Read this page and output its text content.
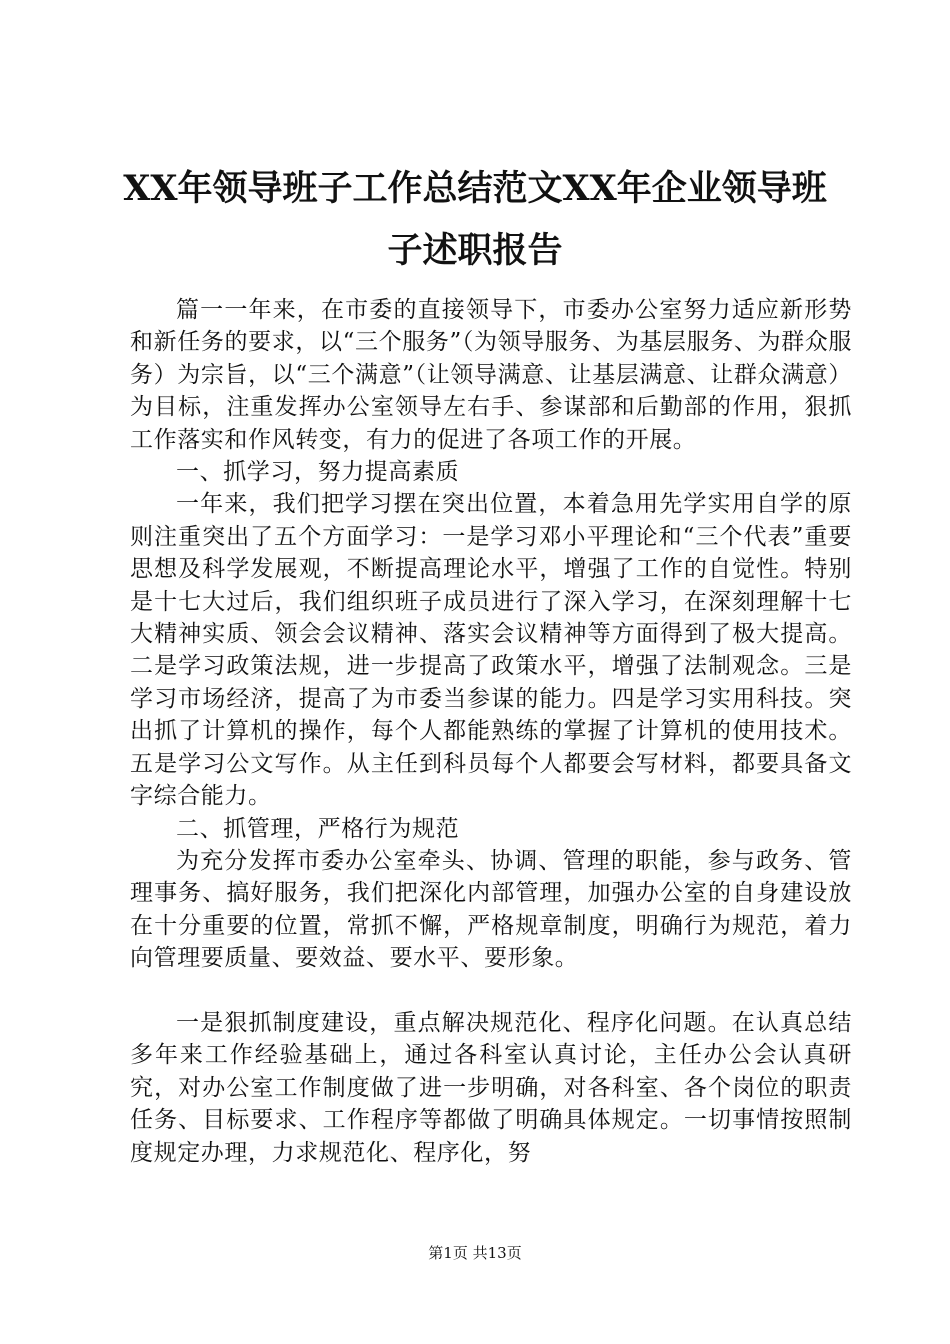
XX年领导班子工作总结范文XX年企业领导班子述职报告

篇一一年来，在市委的直接领导下，市委办公室努力适应新形势和新任务的要求，以“三个服务”（为领导服务、为基层服务、为群众服务）为宗旨，以“三个满意”（让领导满意、让基层满意、让群众满意）为目标，注重发挥办公室领导左右手、参谋部和后勤部的作用，狠抓工作落实和作风转变，有力的促进了各项工作的开展。

一、抓学习，努力提高素质

一年来，我们把学习摆在突出位置，本着急用先学实用自学的原则注重突出了五个方面学习：一是学习邓小平理论和“三个代表”重要思想及科学发展观，不断提高理论水平，增强了工作的自觉性。特别是十七大过后，我们组织班子成员进行了深入学习，在深刻理解十七大精神实质、领会会议精神、落实会议精神等方面得到了极大提高。二是学习政策法规，进一步提高了政策水平，增强了法制观念。三是学习市场经济，提高了为市委当参谋的能力。四是学习实用科技。突出抓了计算机的操作，每个人都能熟练的掌握了计算机的使用技术。五是学习公文写作。从主任到科员每个人都要会写材料，都要具备文字综合能力。

二、抓管理，严格行为规范

为充分发挥市委办公室牵头、协调、管理的职能，参与政务、管理事务、搞好服务，我们把深化内部管理，加强办公室的自身建设放在十分重要的位置，常抓不懈，严格规章制度，明确行为规范，着力向管理要质量、要效益、要水平、要形象。

一是狠抓制度建设，重点解决规范化、程序化问题。在认真总结多年来工作经验基础上，通过各科室认真讨论，主任办公会认真研究，对办公室工作制度做了进一步明确，对各科室、各个岗位的职责任务、目标要求、工作程序等都做了明确具体规定。一切事情按照制度规定办理，力求规范化、程序化，努

第1页 共13页
